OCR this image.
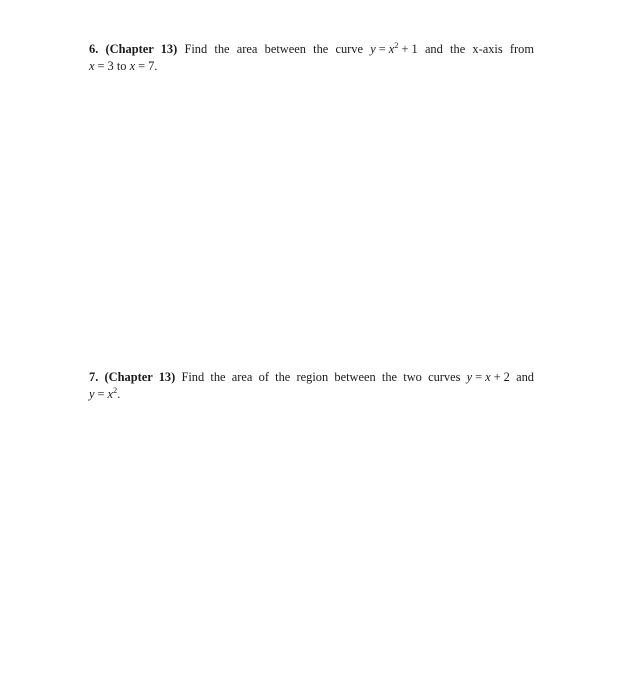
6. (Chapter 13) Find the area between the curve $y = x^2 + 1$ and the x-axis from
x = 3 to x = 7.
7. (Chapter 13) Find the area of the region between the two curves y = x + 2 and
$y = x^2$.
